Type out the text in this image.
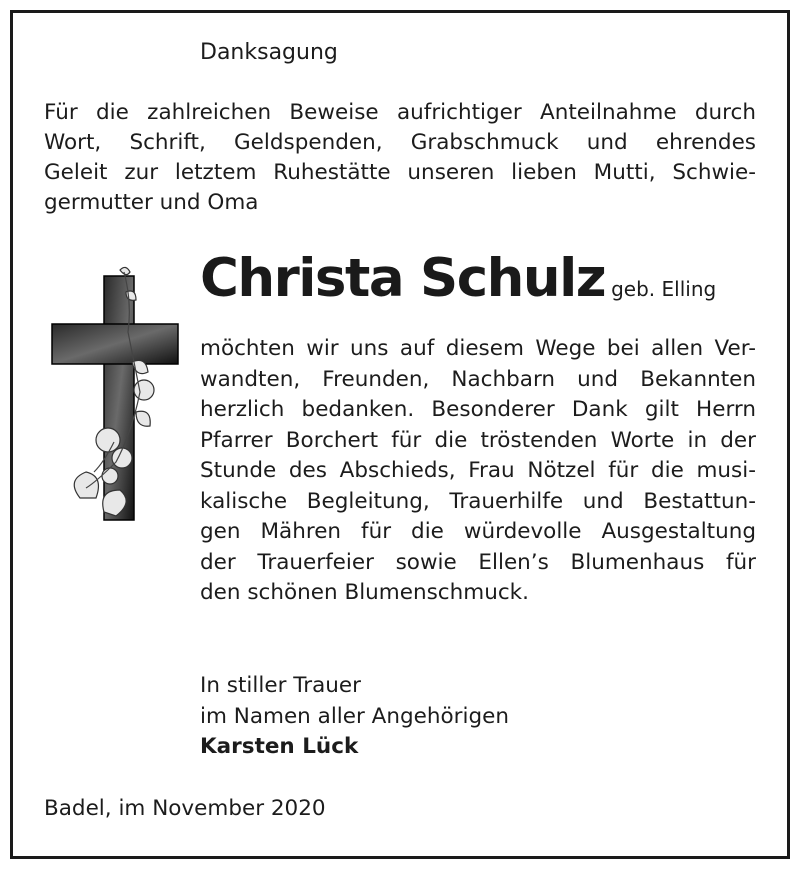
Danksagung
Für die zahlreichen Beweise aufrichtiger Anteilnahme durch
Wort, Schrift, Geldspenden, Grabschmuck und ehrendes
Geleit zur letztem Ruhestätte unseren lieben Mutti, Schwie-
germutter und Oma
Christa Schulz geb. Elling
möchten wir uns auf diesem Wege bei allen Ver-
wandten, Freunden, Nachbarn und Bekannten
herzlich bedanken. Besonderer Dank gilt Herrn
Pfarrer Borchert für die tröstenden Worte in der
Stunde des Abschieds, Frau Nötzel für die musi-
kalische Begleitung, Trauerhilfe und Bestattun-
gen Mähren für die würdevolle Ausgestaltung
der Trauerfeier sowie Ellen’s Blumenhaus für
den schönen Blumenschmuck.
In stiller Trauer
im Namen aller Angehörigen
Karsten Lück
Badel, im November 2020
